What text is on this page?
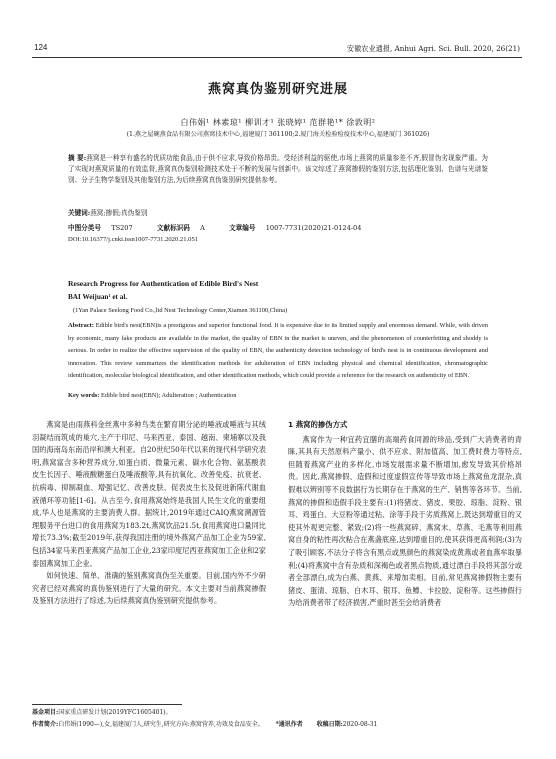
124	安徽农业通报, Anhui Agri. Sci. Bull. 2020, 26(21)
燕窝真伪鉴别研究进展
白伟娟¹ 林素琼¹ 柳训才¹ 张晓婷¹ 范群艳¹* 徐敦明²
(1.燕之屋碗燕食品有限公司燕窝技术中心,福建厦门 361100;2.厦门海关检验检疫技术中心,福建厦门 361026)
摘 要:燕窝是一种享有盛名的优质功能食品,由于供不应求,导致价格昂贵。受经济利益的驱使,市场上燕窝的质量参差不齐,假冒伪劣现象严重。为了实现对燕窝质量的有效监督,燕窝真伪鉴别检测技术处于不断的发展与创新中。该文综述了燕窝掺假的鉴别方法,包括理化鉴别、色谱与光谱鉴别、分子生物学鉴别及其他鉴别方法,为后续燕窝真伪鉴别研究提供参考。
关键词:燕窝;掺假;真伪鉴别
中图分类号 TS207	文献标识码 A	文章编号 1007-7731(2020)21-0124-04
DOI:10.16377/j.cnki.issn1007-7731.2020.21.051
Research Progress for Authentication of Edible Bird's Nest
BAI Weijuan¹ et al.
(1Yan Palace Seelong Food Co.,ltd Nest Technology Center,Xiamen 361100,China)
Abstract: Edible bird's nest(EBN)is a prestigious and superior functional food. It is expensive due to its limited supply and enormous demand. While, with driven by economic, many fake products are available in the market, the quality of EBN in the market is uneven, and the phenomenon of counterfeiting and shoddy is serious. In order to realize the effective supervision of the quality of EBN, the authenticity detection technology of bird's nest is in continuous development and innovation. This review summarizes the identification methods for adulteration of EBN including physical and chemical identification, chromatographic identification, molecular biological identification, and other identification methods, which could provide a reference for the research on authenticity of EBN.
Key words: Edible bird nest(EBN); Adulteration ; Authentication

燕窝是由雨燕科金丝燕中多种鸟类在繁育期分泌的唾液或唾液与其绒羽凝结而筑成的巢穴,主产于印尼、马来西亚、泰国、越南、柬埔寨以及我国的海南岛东南沿岸和澳大利亚。自20世纪50年代以来的现代科学研究表明,燕窝富含多种营养成分,如蛋白质、微量元素、碳水化合物、氨基酸表皮生长因子、唾液酸糖蛋白及唾液酸等,具有抗氧化、改善免疫、抗衰老、抗病毒、抑制凝血、增强记忆、改善皮肤、促表皮生长及促进新陈代谢血液循环等功能[1-6]。从古至今,食用燕窝始终是我国人民生文化的重要组成,华人也是燕窝的主要消费人群。据统计,2019年通过CAIQ燕窝溯源管理服务平台进口的食用燕窝为183.2t,燕窝饮品21.5t,食用燕窝进口量同比增长73.3%;截至2019年,获得我国注册的境外燕窝产品加工企业为59家,包括34家马来西亚燕窝产品加工企业,23家印度尼西亚燕窝加工企业和2家泰国燕窝加工企业。

如何快速、简单、准确的鉴别燕窝真伪至关重要。目前,国内外不少研究者已经对燕窝的真伪鉴别进行了大量的研究。本文主要对当前燕窝掺假及鉴别方法进行了综述,为后续燕窝真伪鉴别研究提供参考。

1 燕窝的掺伪方式

燕窝作为一种宜药宜膳的高端药食同源的珍品,受到广大消费者的青睐,其具有天然原料产量小、供不应求、附加值高、加工费时费力等特点,但随着燕窝产业的多样化,市场发展需求量不断增加,愈发导致其价格昂贵。因此,燕窝掺假、造假和过度虚假宣传等导致市场上燕窝鱼龙混杂,真假难以辨别等不良数据行为长期存在于燕窝的生产、销售等各环节。当前,燕窝的掺假和造假手段主要有:(1)将猪皮、猪皮、果胶、琼脂、淀粉、银耳、鸡蛋白、大豆粉等通过粘、涂等手段于劣质燕窝上,既达到增重目的又使其外观更完整、紧致;(2)将一些燕窝碎、燕窝末、草燕、毛燕等利用燕窝自身的粘性再次粘合在燕盏底座,达到增重目的,使其获得更高利润;(3)为了吸引顾客,不法分子将含有黑点或黑颜色的燕窝染成黄燕或者血燕牟取暴利;(4)将燕窝中含有杂质和深褐色或者黑点物质,通过漂白手段将其部分或者全部漂白,成为白燕、黄燕、来增加卖相。目前,常见燕窝掺假物主要有猪皮、蛋清、琼脂、白木耳、银耳、鱼鳔、卡拉胶、淀粉等。这些掺假行为给消费者带了经济损害,严重时甚至会给消费者

基金项目:国家重点研发计划(2019YFC1605401)。
作者简介:白伟娟(1990—),女,福建厦门人,研究生,研究方向:燕窝营养,功效及食品安全。 *通讯作者 收稿日期:2020-08-31
